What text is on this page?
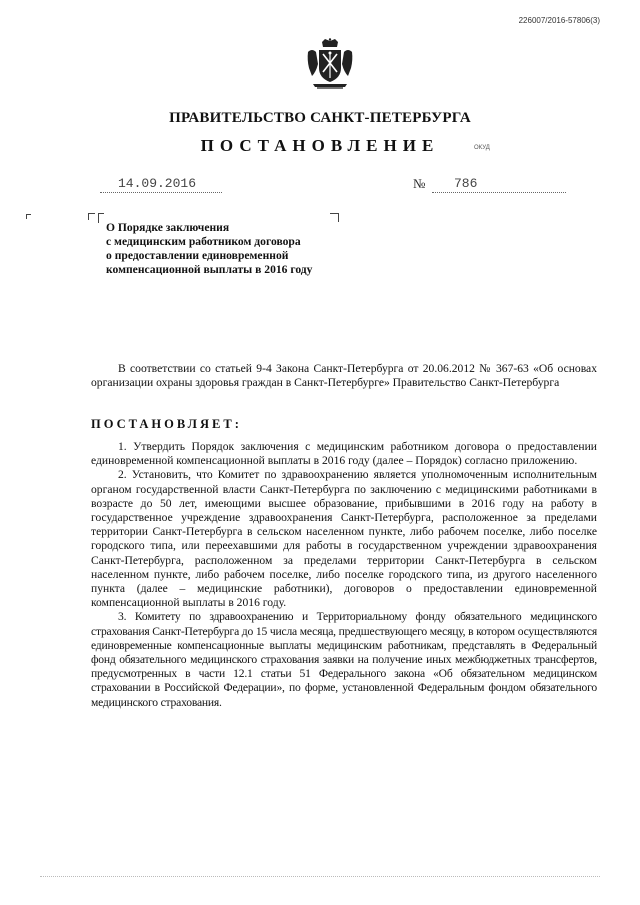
226007/2016-57806(3)
ПРАВИТЕЛЬСТВО САНКТ-ПЕТЕРБУРГА
ПОСТАНОВЛЕНИЕ	ОКУД
14.09.2016	№	786
О Порядке заключения
с медицинским работником договора
о предоставлении единовременной
компенсационной выплаты в 2016 году

В соответствии со статьей 9-4 Закона Санкт-Петербурга от 20.06.2012 № 367-63 «Об основах организации охраны здоровья граждан в Санкт-Петербурге» Правительство Санкт-Петербурга

ПОСТАНОВЛЯЕТ:

1. Утвердить Порядок заключения с медицинским работником договора о предоставлении единовременной компенсационной выплаты в 2016 году (далее – Порядок) согласно приложению.

2. Установить, что Комитет по здравоохранению является уполномоченным исполнительным органом государственной власти Санкт-Петербурга по заключению с медицинскими работниками в возрасте до 50 лет, имеющими высшее образование, прибывшими в 2016 году на работу в государственное учреждение здравоохранения Санкт-Петербурга, расположенное за пределами территории Санкт-Петербурга в сельском населенном пункте, либо рабочем поселке, либо поселке городского типа, или переехавшими для работы в государственном учреждении здравоохранения Санкт-Петербурга, расположенном за пределами территории Санкт-Петербурга в сельском населенном пункте, либо рабочем поселке, либо поселке городского типа, из другого населенного пункта (далее – медицинские работники), договоров о предоставлении единовременной компенсационной выплаты в 2016 году.

3. Комитету по здравоохранению и Территориальному фонду обязательного медицинского страхования Санкт-Петербурга до 15 числа месяца, предшествующего месяцу, в котором осуществляются единовременные компенсационные выплаты медицинским работникам, представлять в Федеральный фонд обязательного медицинского страхования заявки на получение иных межбюджетных трансфертов, предусмотренных в части 12.1 статьи 51 Федерального закона «Об обязательном медицинском страховании в Российской Федерации», по форме, установленной Федеральным фондом обязательного медицинского страхования.
